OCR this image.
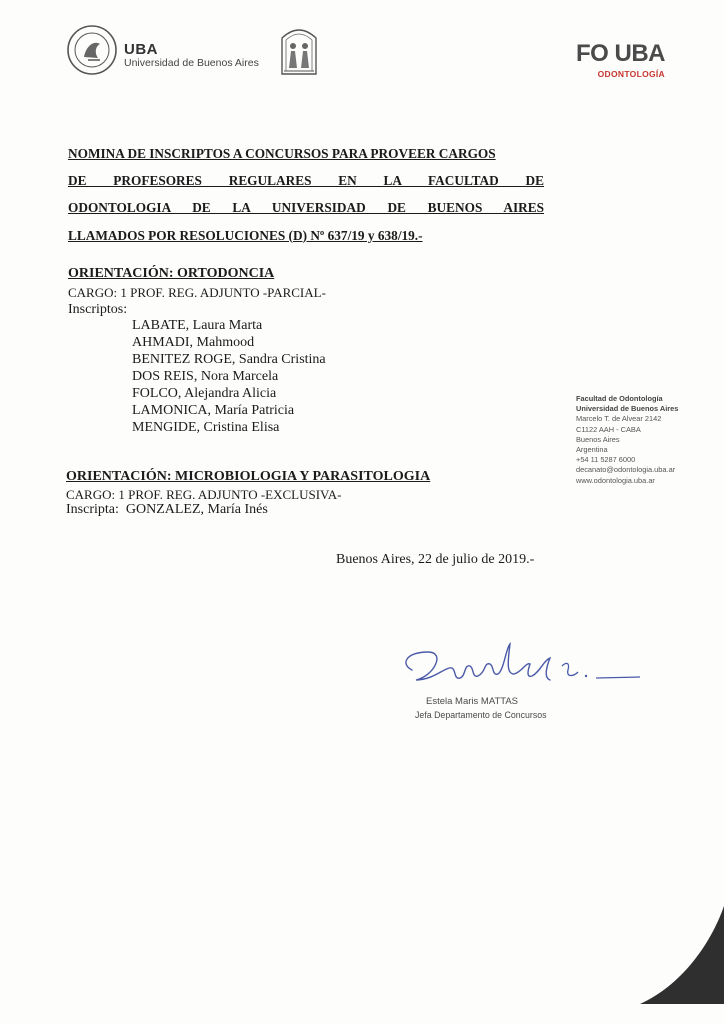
UBA
Universidad de Buenos Aires	FO UBA
ODONTOLOGÍA
NOMINA DE INSCRIPTOS A CONCURSOS PARA PROVEER CARGOS
DE PROFESORES REGULARES EN LA FACULTAD DE
ODONTOLOGIA DE LA UNIVERSIDAD DE BUENOS AIRES
LLAMADOS POR RESOLUCIONES (D) Nº 637/19 y 638/19.-
ORIENTACIÓN: ORTODONCIA
CARGO: 1 PROF. REG. ADJUNTO -PARCIAL-
Inscriptos:
LABATE, Laura Marta
AHMADI, Mahmood
BENITEZ ROGE, Sandra Cristina
DOS REIS, Nora Marcela
FOLCO, Alejandra Alicia
LAMONICA, María Patricia
MENGIDE, Cristina Elisa
ORIENTACIÓN: MICROBIOLOGIA Y PARASITOLOGIA
CARGO: 1 PROF. REG. ADJUNTO -EXCLUSIVA-
Inscripta:  GONZALEZ, María Inés
Facultad de Odontología
Universidad de Buenos Aires
Marcelo T. de Alvear 2142
C1122 AAH - CABA
Buenos Aires
Argentina
+54 11 5287 6000
decanato@odontologia.uba.ar
www.odontologia.uba.ar
Buenos Aires, 22 de julio de 2019.-
Estela Maris MATTAS
Jefa Departamento de Concursos
